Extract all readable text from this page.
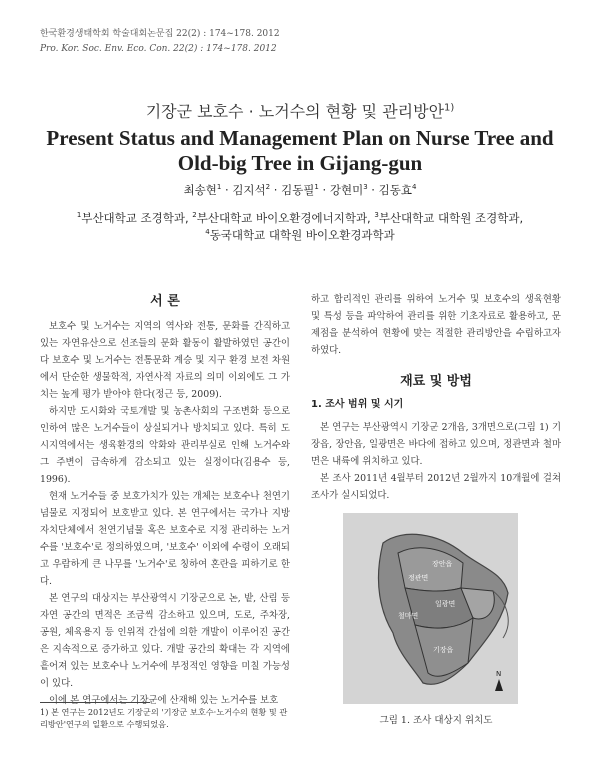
한국환경생태학회 학술대회논문집 22(2) : 174~178. 2012
Pro. Kor. Soc. Env. Eco. Con. 22(2) : 174~178. 2012
기장군 보호수 · 노거수의 현황 및 관리방안$^{1)}$
Present Status and Management Plan on Nurse Tree and
Old-big Tree in Gijang-gun
최송현$^1$ · 김지석$^2$ · 김동필$^1$ · 강현미$^3$ · 김동효$^4$
$^1$부산대학교 조경학과, $^2$부산대학교 바이오환경에너지학과, $^3$부산대학교 대학원 조경학과,
$^4$동국대학교 대학원 바이오환경과학과
서 론

보호수 및 노거수는 지역의 역사와 전통, 문화를 간직하고 있는 자연유산으로 선조들의 문화 활동이 활발하였던 공간이다 보호수 및 노거수는 전통문화 계승 및 지구 환경 보전 차원에서 단순한 생물학적, 자연사적 자료의 의미 이외에도 그 가치는 높게 평가 받아야 한다(정근 등, 2009).

하지만 도시화와 국토개발 및 농촌사회의 구조변화 등으로 인하여 많은 노거수들이 상실되거나 방치되고 있다. 특히 도시지역에서는 생육환경의 악화와 관리부실로 인해 노거수와 그 주변이 급속하게 감소되고 있는 실정이다(김용수 등, 1996).

현재 노거수들 중 보호가치가 있는 개체는 보호수나 천연기념물로 지정되어 보호받고 있다. 본 연구에서는 국가나 지방자치단체에서 천연기념물 혹은 보호수로 지정 관리하는 노거수를 '보호수'로 정의하였으며, '보호수' 이외에 수령이 오래되고 우람하게 큰 나무를 '노거수'로 칭하여 혼란을 피하기로 한다.

본 연구의 대상지는 부산광역시 기장군으로 논, 밭, 산림 등 자연 공간의 면적은 조금씩 감소하고 있으며, 도로, 주차장, 공원, 체육용지 등 인위적 간섭에 의한 개발이 이루어진 공간은 지속적으로 증가하고 있다. 개발 공간의 확대는 각 지역에 흩어져 있는 보호수나 노거수에 부정적인 영향을 미칠 가능성이 있다.

이에 본 연구에서는 기장군에 산재해 있는 노거수를 보호

하고 합리적인 관리를 위하여 노거수 및 보호수의 생육현황 및 특성 등을 파악하여 관리를 위한 기초자료로 활용하고, 문제점을 분석하여 현황에 맞는 적절한 관리방안을 수립하고자 하였다.

재료 및 방법
1. 조사 범위 및 시기

본 연구는 부산광역시 기장군 2개읍, 3개면으로(그림 1) 기장읍, 장안읍, 일광면은 바다에 접하고 있으며, 정관면과 철마면은 내륙에 위치하고 있다.

본 조사 2011년 4월부터 2012년 2월까지 10개월에 걸쳐 조사가 실시되었다.

N
장안읍
정관면
일광면
철마면
기장읍
그림 1. 조사 대상지 위치도
1) 본 연구는 2012년도 기장군의 '기장군 보호수·노거수의 현황 및 관리방안'연구의 일환으로 수행되었음.
